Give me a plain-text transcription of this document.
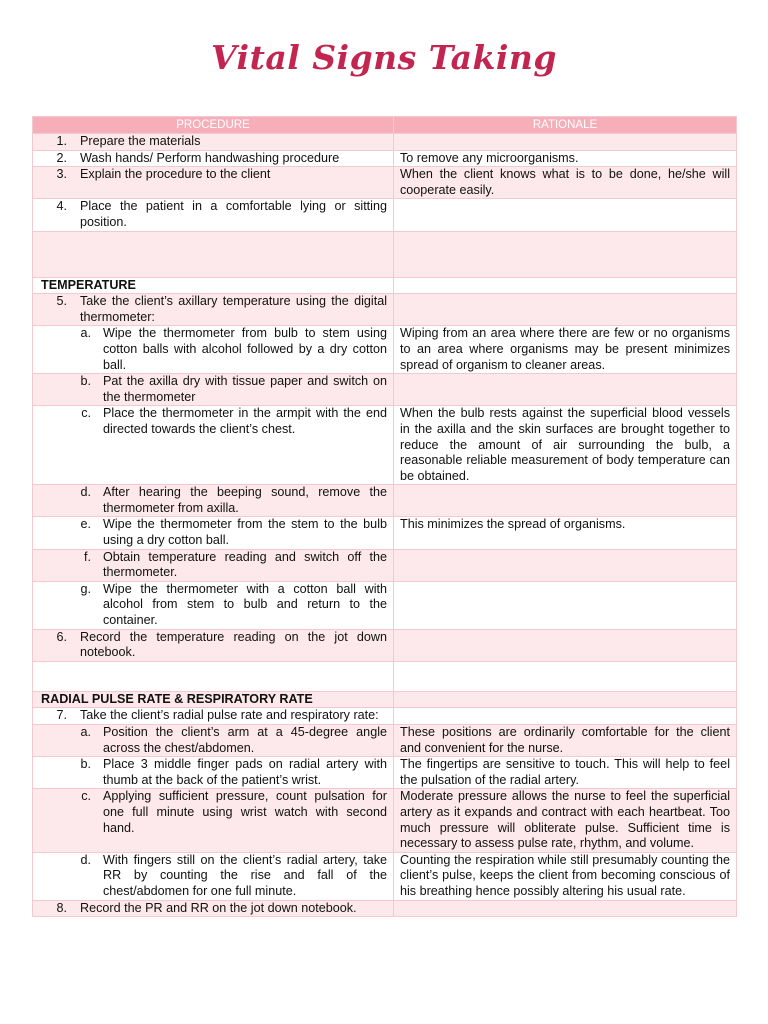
Vital Signs Taking
PROCEDURE	RATIONALE

1. Prepare the materials	

2. Wash hands/ Perform handwashing procedure	To remove any microorganisms.

3. Explain the procedure to the client	When the client knows what is to be done, he/she will cooperate easily.

4. Place the patient in a comfortable lying or sitting position.	

TEMPERATURE	

5. Take the client’s axillary temperature using the digital thermometer:	

a. Wipe the thermometer from bulb to stem using cotton balls with alcohol followed by a dry cotton ball.	Wiping from an area where there are few or no organisms to an area where organisms may be present minimizes spread of organism to cleaner areas.

b. Pat the axilla dry with tissue paper and switch on the thermometer	

c. Place the thermometer in the armpit with the end directed towards the client’s chest.	When the bulb rests against the superficial blood vessels in the axilla and the skin surfaces are brought together to reduce the amount of air surrounding the bulb, a reasonable reliable measurement of body temperature can be obtained.

d. After hearing the beeping sound, remove the thermometer from axilla.	

e. Wipe the thermometer from the stem to the bulb using a dry cotton ball.	This minimizes the spread of organisms.

f. Obtain temperature reading and switch off the thermometer.	

g. Wipe the thermometer with a cotton ball with alcohol from stem to bulb and return to the container.	

6. Record the temperature reading on the jot down notebook.	

RADIAL PULSE RATE & RESPIRATORY RATE	

7. Take the client’s radial pulse rate and respiratory rate:	

a. Position the client’s arm at a 45-degree angle across the chest/abdomen.	These positions are ordinarily comfortable for the client and convenient for the nurse.

b. Place 3 middle finger pads on radial artery with thumb at the back of the patient’s wrist.	The fingertips are sensitive to touch. This will help to feel the pulsation of the radial artery.

c. Applying sufficient pressure, count pulsation for one full minute using wrist watch with second hand.	Moderate pressure allows the nurse to feel the superficial artery as it expands and contract with each heartbeat. Too much pressure will obliterate pulse. Sufficient time is necessary to assess pulse rate, rhythm, and volume.

d. With fingers still on the client’s radial artery, take RR by counting the rise and fall of the chest/abdomen for one full minute.	Counting the respiration while still presumably counting the client’s pulse, keeps the client from becoming conscious of his breathing hence possibly altering his usual rate.

8. Record the PR and RR on the jot down notebook.	
